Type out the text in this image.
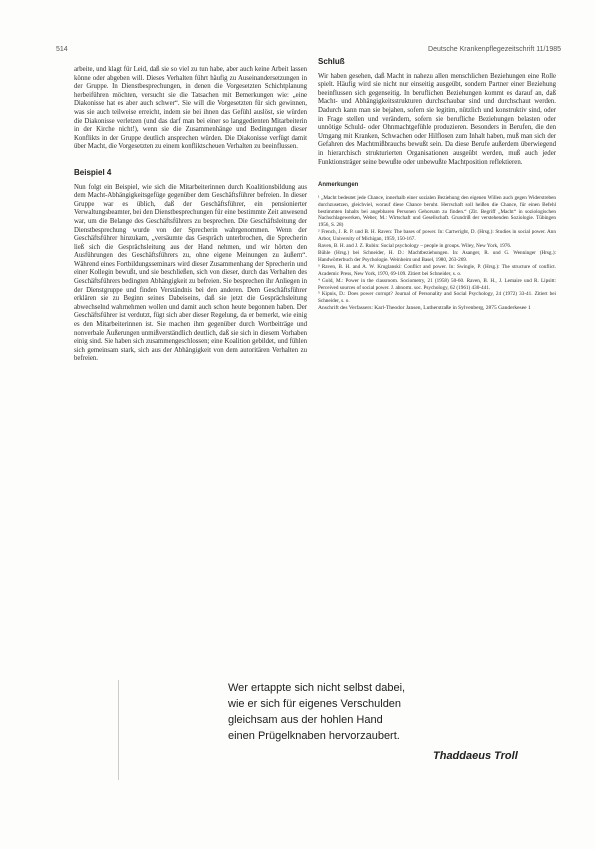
514	Deutsche Krankenpflegezeitschrift 11/1985

arbeite, und klagt für Leid, daß sie so viel zu tun habe, aber auch keine Arbeit lassen könne oder abgeben will. Dieses Verhalten führt häufig zu Auseinandersetzungen in der Gruppe. In Dienstbesprechungen, in denen die Vorgesetzten Schichtplanung herbeiführen möchten, versucht sie die Tatsachen mit Bemerkungen wie: „eine Diakonisse hat es aber auch schwer“. Sie will die Vorgesetzten für sich gewinnen, was sie auch teilweise erreicht, indem sie bei ihnen das Gefühl auslöst, sie würden die Diakonisse verletzen (und das darf man bei einer so langgedienten Mitarbeiterin in der Kirche nicht!), wenn sie die Zusammenhänge und Bedingungen dieser Konflikts in der Gruppe deutlich ansprechen würden. Die Diakonisse verfügt damit über Macht, die Vorgesetzten zu einem konfliktscheuen Verhalten zu beeinflussen.

Beispiel 4

Nun folgt ein Beispiel, wie sich die Mitarbeiterinnen durch Koalitionsbildung aus dem Macht-Abhängigkeitsgefüge gegenüber dem Geschäftsführer befreien. In dieser Gruppe war es üblich, daß der Geschäftsführer, ein pensionierter Verwaltungsbeamter, bei den Dienstbesprechungen für eine bestimmte Zeit anwesend war, um die Belange des Geschäftsführers zu besprechen. Die Geschäftsleitung der Dienstbesprechung wurde von der Sprecherin wahrgenommen. Wenn der Geschäftsführer hinzukam, „versäumte das Gespräch unterbrochen, die Sprecherin ließ sich die Gesprächsleitung aus der Hand nehmen, und wir hörten den Ausführungen des Geschäftsführers zu, ohne eigene Meinungen zu äußern“. Während eines Fortbildungsseminars wird dieser Zusammenhang der Sprecherin und einer Kollegin bewußt, und sie beschließen, sich von dieser, durch das Verhalten des Geschäftsführers bedingten Abhängigkeit zu befreien. Sie besprechen ihr Anliegen in der Dienstgruppe und finden Verständnis bei den anderen. Dem Geschäftsführer erklären sie zu Beginn seines Dabeiseins, daß sie jetzt die Gesprächsleitung abwechselnd wahrnehmen wollen und damit auch schon heute begonnen haben. Der Geschäftsführer ist verdutzt, fügt sich aber dieser Regelung, da er bemerkt, wie einig es den Mitarbeiterinnen ist. Sie machen ihm gegenüber durch Wortbeiträge und nonverbale Äußerungen unmißverständlich deutlich, daß sie sich in diesem Vorhaben einig sind. Sie haben sich zusammengeschlossen; eine Koalition gebildet, und fühlen sich gemeinsam stark, sich aus der Abhängigkeit von dem autoritären Verhalten zu befreien.

Schluß

Wir haben gesehen, daß Macht in nahezu allen menschlichen Beziehungen eine Rolle spielt. Häufig wird sie nicht nur einseitig ausgeübt, sondern Partner einer Beziehung beeinflussen sich gegenseitig. In beruflichen Beziehungen kommt es darauf an, daß Macht- und Abhängigkeitsstrukturen durchschaubar sind und durchschaut werden. Dadurch kann man sie bejahen, sofern sie legitim, nützlich und konstruktiv sind, oder in Frage stellen und verändern, sofern sie berufliche Beziehungen belasten oder unnötige Schuld- oder Ohnmachtgefühle produzieren. Besonders in Berufen, die den Umgang mit Kranken, Schwachen oder Hilflosen zum Inhalt haben, muß man sich der Gefahren des Machtmißbrauchs bewußt sein. Da diese Berufe außerdem überwiegend in hierarchisch strukturierten Organisationen ausgeübt werden, muß auch jeder Funktionsträger seine bewußte oder unbewußte Machtposition reflektieren.

Anmerkungen

¹ „Macht bedeutet jede Chance, innerhalb einer sozialen Beziehung den eigenen Willen auch gegen Widerstreben durchzusetzen, gleichviel, worauf diese Chance beruht. Herrschaft soll heißen die Chance, für einen Befehl bestimmten Inhalts bei angebbaren Personen Gehorsam zu finden.“ (Zit. Begriff „Macht“ in soziologischen Nachschlagewerken, Weber, M.: Wirtschaft und Gesellschaft. Grundriß der verstehenden Soziologie. Tübingen 1956, S. 28)

² French, J. R. P. und B. H. Raven: The bases of power. In: Cartwright, D. (Hrsg.): Studies in social power. Ann Arbor, University of Michigan, 1959, 150-167.

Raven, B. H. and J. Z. Rubin: Social psychology – people in groups. Wiley, New York, 1976.

Bühle (Hrsg.) bei Schneider, H. D.: Machtbeziehungen. In: Asanger, R. und G. Wenninger (Hrsg.): Handwörterbuch der Psychologie. Weinheim und Basel, 1980, 263-269.

³ Raven, B. H. and A. W. Kruglanski: Conflict and power. In: Swingle, P. (Hrsg.): The structure of conflict. Academic Press, New York, 1970, 69-109. Zitiert bei Schneider, s. o.

⁴ Gold, M.: Power in the classroom. Sociometry, 21 (1958) 50-60. Raven, B. H., J. Lemaire und R. Lipsitt: Perceived sources of social power. J. abnorm. soc. Psychology, 62 (1961) 430-441.

⁵ Kipnis, D.: Does power corrupt? Journal of Personality and Social Psychology, 24 (1972) 33-41. Zitiert bei Schneider, s. o.

Anschrift des Verfassers: Karl-Theodor Jansen, Lutherstraße in Sylvenberg, 2875 Ganderkesee 1

Wer ertappte sich nicht selbst dabei,

wie er sich für eigenes Verschulden

gleichsam aus der hohlen Hand

einen Prügelknaben hervorzaubert.

Thaddaeus Troll
